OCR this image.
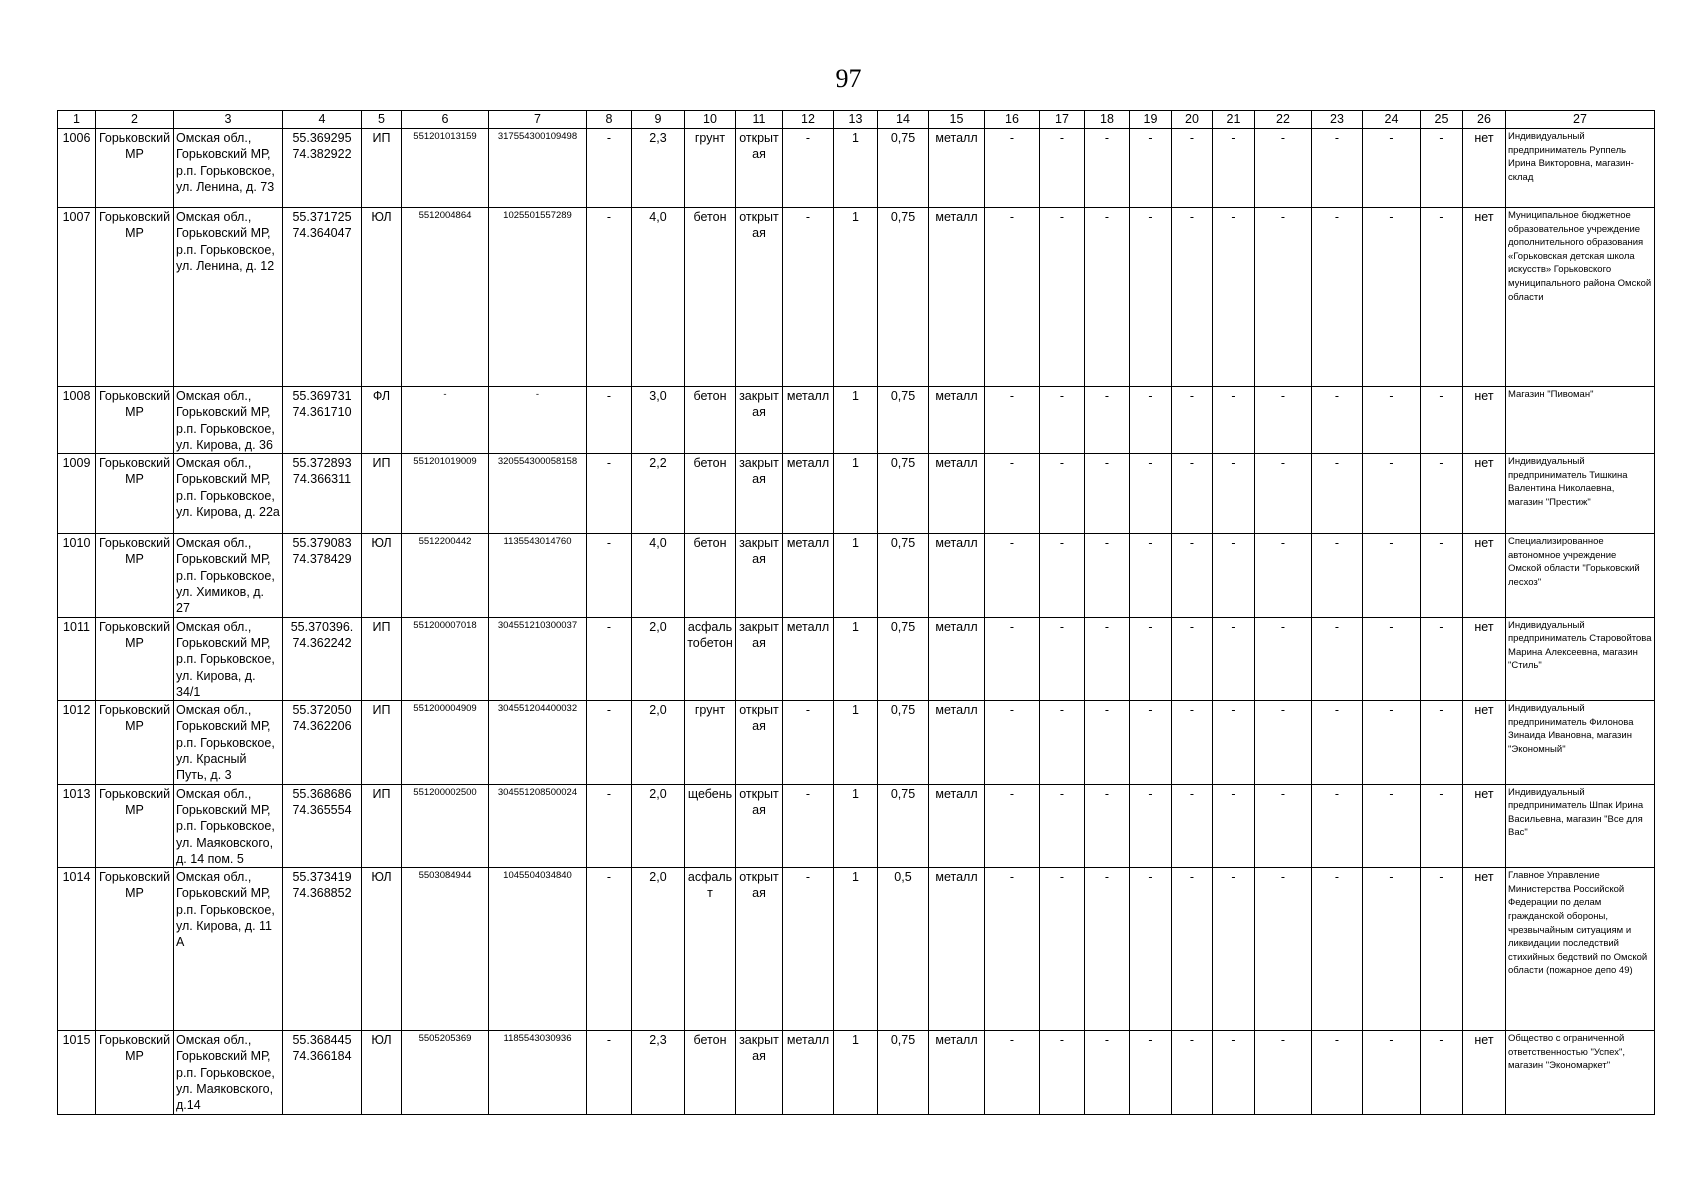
97
1	2	3	4	5	6	7	8	9	10	11	12	13	14	15	16	17	18	19	20	21	22	23	24	25	26	27
1006	Горьковский МР	Омская обл., Горьковский МР, р.п. Горьковское, ул. Ленина, д. 73	55.369295 74.382922	ИП	551201013159	317554300109498	-	2,3	грунт	открыт ая	-	1	0,75	металл	-	-	-	-	-	-	-	-	-	-	нет	Индивидуальный предприниматель Руппель Ирина Викторовна, магазин-склад
1007	Горьковский МР	Омская обл., Горьковский МР, р.п. Горьковское, ул. Ленина, д. 12	55.371725 74.364047	ЮЛ	5512004864	1025501557289	-	4,0	бетон	открыт ая	-	1	0,75	металл	-	-	-	-	-	-	-	-	-	-	нет	Муниципальное бюджетное образовательное учреждение дополнительного образования «Горьковская детская школа искусств» Горьковского муниципального района Омской области
1008	Горьковский МР	Омская обл., Горьковский МР, р.п. Горьковское, ул. Кирова, д. 36	55.369731 74.361710	ФЛ	-	-	-	3,0	бетон	закрыт ая	металл	1	0,75	металл	-	-	-	-	-	-	-	-	-	-	нет	Магазин "Пивоман"
1009	Горьковский МР	Омская обл., Горьковский МР, р.п. Горьковское, ул. Кирова, д. 22а	55.372893 74.366311	ИП	551201019009	320554300058158	-	2,2	бетон	закрыт ая	металл	1	0,75	металл	-	-	-	-	-	-	-	-	-	-	нет	Индивидуальный предприниматель Тишкина Валентина Николаевна, магазин "Престиж"
1010	Горьковский МР	Омская обл., Горьковский МР, р.п. Горьковское, ул. Химиков, д. 27	55.379083 74.378429	ЮЛ	5512200442	1135543014760	-	4,0	бетон	закрыт ая	металл	1	0,75	металл	-	-	-	-	-	-	-	-	-	-	нет	Специализированное автономное учреждение Омской области "Горьковский лесхоз"
1011	Горьковский МР	Омская обл., Горьковский МР, р.п. Горьковское, ул. Кирова, д. 34/1	55.370396. 74.362242	ИП	551200007018	304551210300037	-	2,0	асфаль тобетон	закрыт ая	металл	1	0,75	металл	-	-	-	-	-	-	-	-	-	-	нет	Индивидуальный предприниматель Старовойтова Марина Алексеевна, магазин "Стиль"
1012	Горьковский МР	Омская обл., Горьковский МР, р.п. Горьковское, ул. Красный Путь, д. 3	55.372050 74.362206	ИП	551200004909	304551204400032	-	2,0	грунт	открыт ая	-	1	0,75	металл	-	-	-	-	-	-	-	-	-	-	нет	Индивидуальный предприниматель Филонова Зинаида Ивановна, магазин "Экономный"
1013	Горьковский МР	Омская обл., Горьковский МР, р.п. Горьковское, ул. Маяковского, д. 14 пом. 5	55.368686 74.365554	ИП	551200002500	304551208500024	-	2,0	щебень	открыт ая	-	1	0,75	металл	-	-	-	-	-	-	-	-	-	-	нет	Индивидуальный предприниматель Шпак Ирина Васильевна, магазин "Все для Вас"
1014	Горьковский МР	Омская обл., Горьковский МР, р.п. Горьковское, ул. Кирова, д. 11 А	55.373419 74.368852	ЮЛ	5503084944	1045504034840	-	2,0	асфаль т	открыт ая	-	1	0,5	металл	-	-	-	-	-	-	-	-	-	-	нет	Главное Управление Министерства Российской Федерации по делам гражданской обороны, чрезвычайным ситуациям и ликвидации последствий стихийных бедствий по Омской области (пожарное депо 49)
1015	Горьковский МР	Омская обл., Горьковский МР, р.п. Горьковское, ул. Маяковского, д.14	55.368445 74.366184	ЮЛ	5505205369	1185543030936	-	2,3	бетон	закрыт ая	металл	1	0,75	металл	-	-	-	-	-	-	-	-	-	-	нет	Общество с ограниченной ответственностью "Успех", магазин "Экономаркет"
